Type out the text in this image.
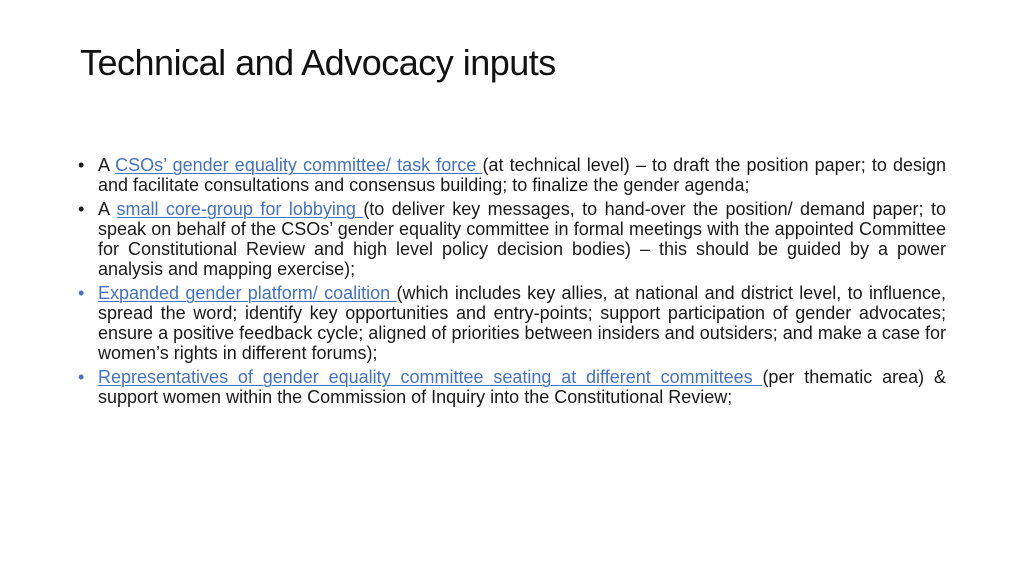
Technical and Advocacy inputs
• A CSOs’ gender equality committee/ task force (at technical level) – to draft the position paper; to design and facilitate consultations and consensus building; to finalize the gender agenda;
• A small core-group for lobbying (to deliver key messages, to hand-over the position/ demand paper; to speak on behalf of the CSOs’ gender equality committee in formal meetings with the appointed Committee for Constitutional Review and high level policy decision bodies) – this should be guided by a power analysis and mapping exercise);
• Expanded gender platform/ coalition (which includes key allies, at national and district level, to influence, spread the word; identify key opportunities and entry-points; support participation of gender advocates; ensure a positive feedback cycle; aligned of priorities between insiders and outsiders; and make a case for women’s rights in different forums);
• Representatives of gender equality committee seating at different committees (per thematic area) & support women within the Commission of Inquiry into the Constitutional Review;
